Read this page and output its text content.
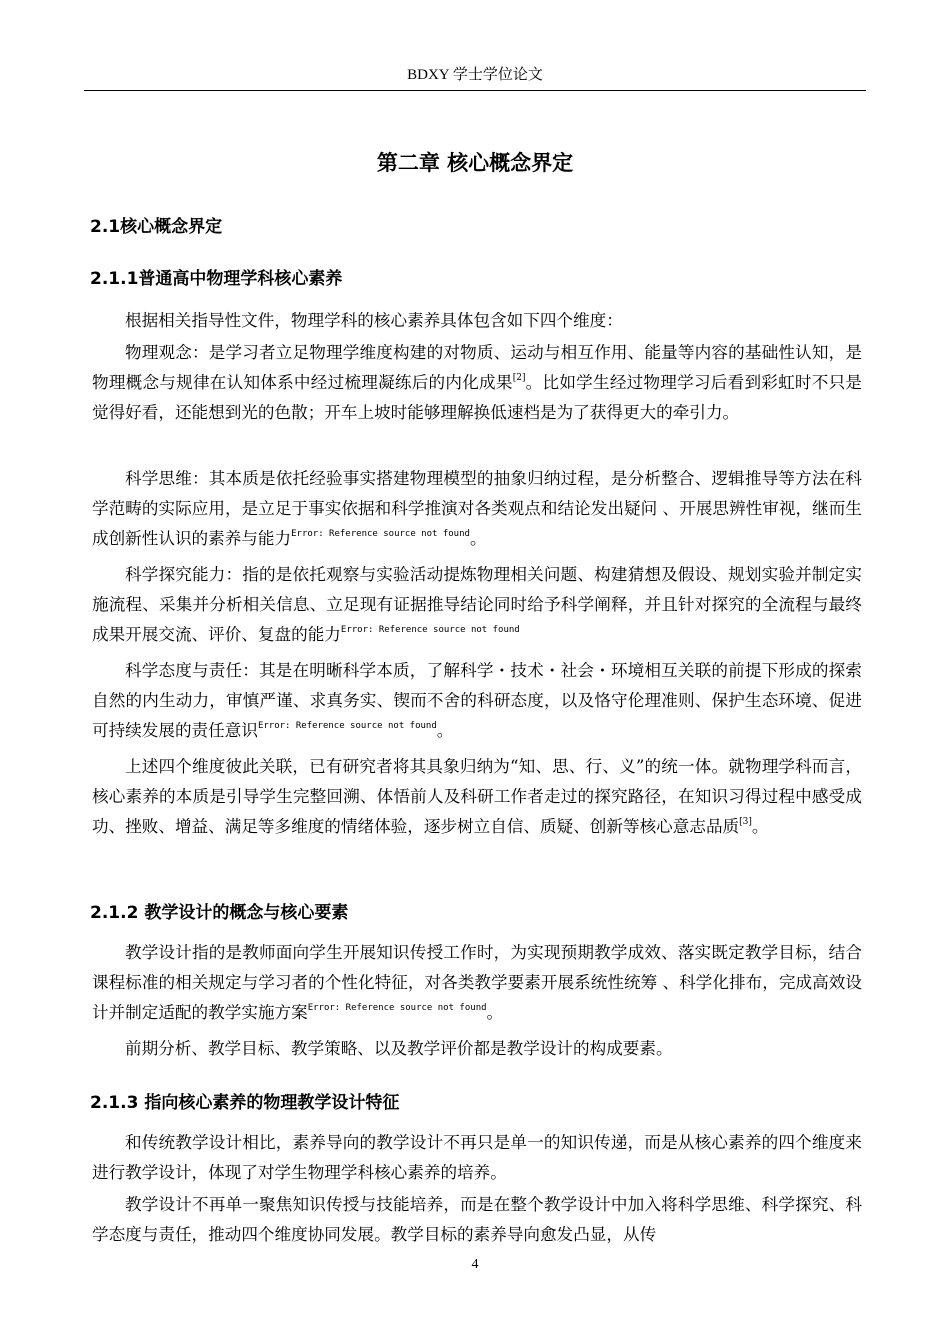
BDXY 学士学位论文
第二章 核心概念界定
2.1核心概念界定
2.1.1普通高中物理学科核心素养

根据相关指导性文件，物理学科的核心素养具体包含如下四个维度：

物理观念：是学习者立足物理学维度构建的对物质、运动与相互作用、能量等内容的基础性认知，是物理概念与规律在认知体系中经过梳理凝练后的内化成果[2]。比如学生经过物理学习后看到彩虹时不只是觉得好看，还能想到光的色散；开车上坡时能够理解换低速档是为了获得更大的牵引力。

科学思维：其本质是依托经验事实搭建物理模型的抽象归纳过程，是分析整合、逻辑推导等方法在科学范畴的实际应用，是立足于事实依据和科学推演对各类观点和结论发出疑问 、开展思辨性审视，继而生成创新性认识的素养与能力$^{Error: Reference source not found}$。

科学探究能力：指的是依托观察与实验活动提炼物理相关问题、构建猜想及假设、规划实验并制定实施流程、采集并分析相关信息、立足现有证据推导结论同时给予科学阐释，并且针对探究的全流程与最终成果开展交流、评价、复盘的能力$^{Error: Reference source not found}$

科学态度与责任：其是在明晰科学本质，了解科学・技术・社会・环境相互关联的前提下形成的探索自然的内生动力，审慎严谨、求真务实、锲而不舍的科研态度，以及恪守伦理准则、保护生态环境、促进可持续发展的责任意识$^{Error: Reference source not found}$。

上述四个维度彼此关联，已有研究者将其具象归纳为“知、思、行、义”的统一体。就物理学科而言，核心素养的本质是引导学生完整回溯、体悟前人及科研工作者走过的探究路径，在知识习得过程中感受成功、挫败、增益、满足等多维度的情绪体验，逐步树立自信、质疑、创新等核心意志品质[3]。

2.1.2 教学设计的概念与核心要素

教学设计指的是教师面向学生开展知识传授工作时，为实现预期教学成效、落实既定教学目标，结合课程标准的相关规定与学习者的个性化特征，对各类教学要素开展系统性统筹 、科学化排布，完成高效设计并制定适配的教学实施方案$^{Error: Reference source not found}$。

前期分析、教学目标、教学策略、以及教学评价都是教学设计的构成要素。

2.1.3 指向核心素养的物理教学设计特征

和传统教学设计相比，素养导向的教学设计不再只是单一的知识传递，而是从核心素养的四个维度来进行教学设计，体现了对学生物理学科核心素养的培养。

教学设计不再单一聚焦知识传授与技能培养，而是在整个教学设计中加入将科学思维、科学探究、科学态度与责任，推动四个维度协同发展。教学目标的素养导向愈发凸显，从传

4
